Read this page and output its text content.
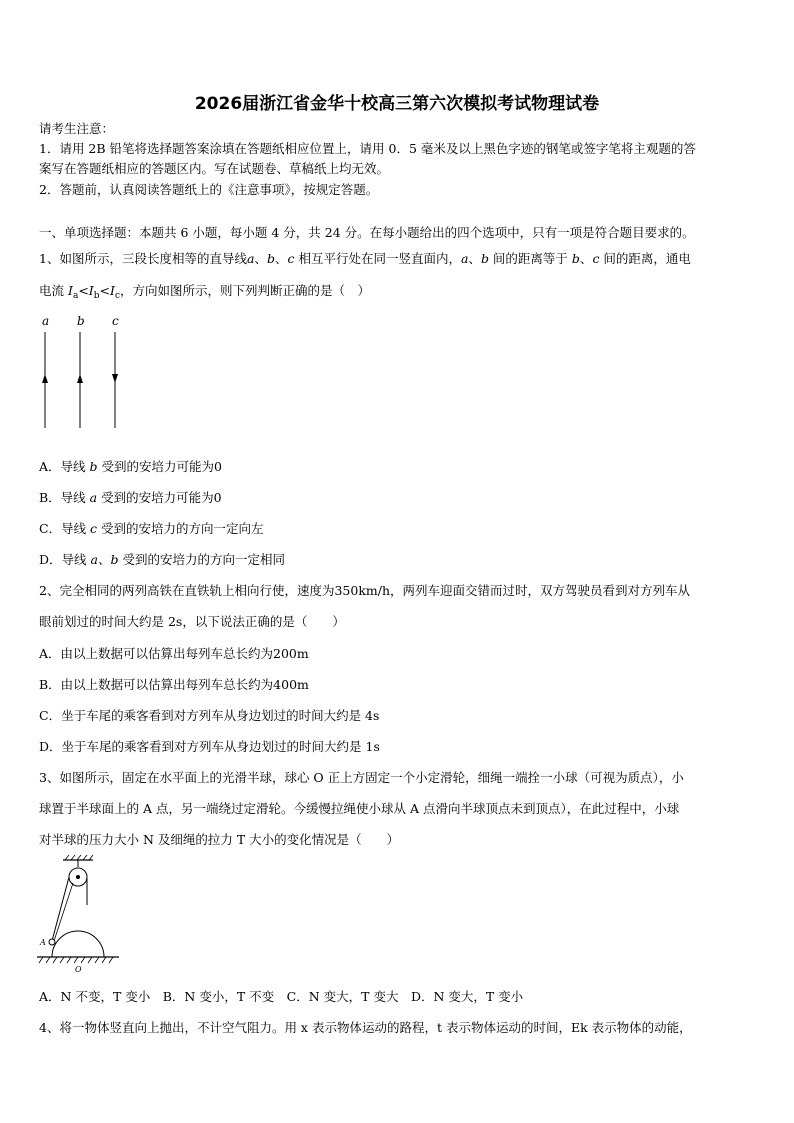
2026届浙江省金华十校高三第六次模拟考试物理试卷
请考生注意：
1．请用 2B 铅笔将选择题答案涂填在答题纸相应位置上，请用 0．5 毫米及以上黑色字迹的钢笔或签字笔将主观题的答
案写在答题纸相应的答题区内。写在试题卷、草稿纸上均无效。
2．答题前，认真阅读答题纸上的《注意事项》，按规定答题。
一、单项选择题：本题共 6 小题，每小题 4 分，共 24 分。在每小题给出的四个选项中，只有一项是符合题目要求的。
1、如图所示，三段长度相等的直导线a、b、c 相互平行处在同一竖直面内，a、b 间的距离等于 b、c 间的距离，通电
电流 $I_a<I_b<I_c$，方向如图所示，则下列判断正确的是（　）
a b c
A．导线 b 受到的安培力可能为0
B．导线 a 受到的安培力可能为0
C．导线 c 受到的安培力的方向一定向左
D．导线 a、b 受到的安培力的方向一定相同
2、完全相同的两列高铁在直铁轨上相向行使，速度为350km/h，两列车迎面交错而过时，双方驾驶员看到对方列车从
眼前划过的时间大约是 2s，以下说法正确的是（　　）
A．由以上数据可以估算出每列车总长约为200m
B．由以上数据可以估算出每列车总长约为400m
C．坐于车尾的乘客看到对方列车从身边划过的时间大约是 4s
D．坐于车尾的乘客看到对方列车从身边划过的时间大约是 1s
3、如图所示，固定在水平面上的光滑半球，球心 O 正上方固定一个小定滑轮，细绳一端拴一小球（可视为质点），小
球置于半球面上的 A 点，另一端绕过定滑轮。今缓慢拉绳使小球从 A 点滑向半球顶点未到顶点），在此过程中，小球
对半球的压力大小 N 及细绳的拉力 T 大小的变化情况是（　　）
A
O
A．N 不变，T 变小　B．N 变小，T 不变　C．N 变大，T 变大　D．N 变大，T 变小
4、将一物体竖直向上抛出，不计空气阻力。用 x 表示物体运动的路程，t 表示物体运动的时间，Ek 表示物体的动能，
